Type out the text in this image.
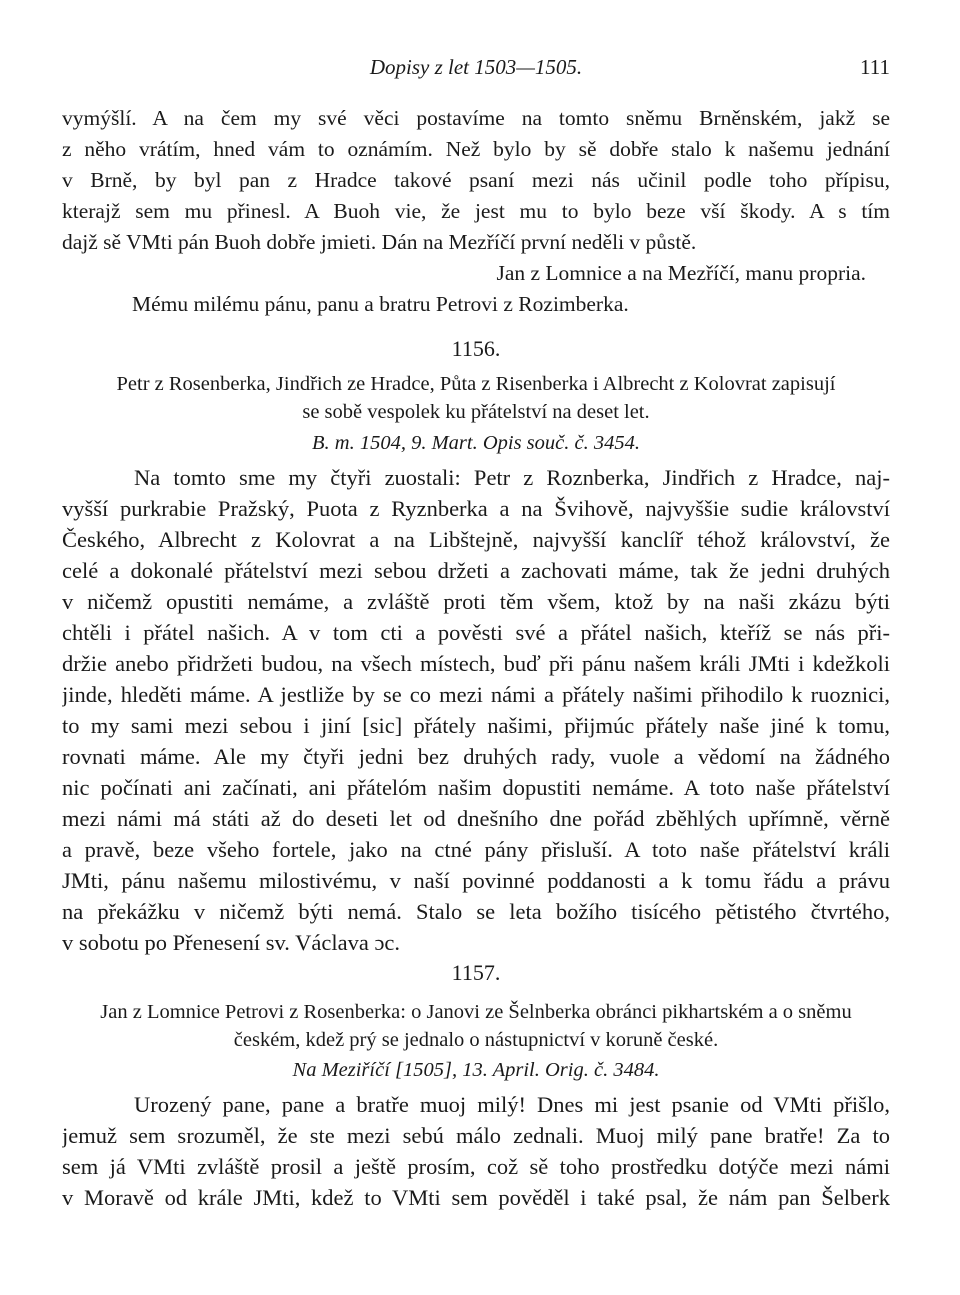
Dopisy z let 1503—1505.	111
vymýšlí. A na čem my své věci postavíme na tomto sněmu Brněnském, jakž se
z něho vrátím, hned vám to oznámím. Než bylo by sě dobře stalo k našemu jednání
v Brně, by byl pan z Hradce takové psaní mezi nás učinil podle toho přípisu,
kterajž sem mu přinesl. A Buoh vie, že jest mu to bylo beze vší škody. A s tím
dajž sě VMti pán Buoh dobře jmieti. Dán na Mezříčí první neděli v půstě.
Jan z Lomnice a na Mezříčí, manu propria.
Mému milému pánu, panu a bratru Petrovi z Rozimberka.
1156.
Petr z Rosenberka, Jindřich ze Hradce, Půta z Risenberka i Albrecht z Kolovrat zapisují
se sobě vespolek ku přátelství na deset let.
B. m. 1504, 9. Mart. Opis souč. č. 3454.
Na tomto sme my čtyři zuostali: Petr z Roznberka, Jindřich z Hradce, naj-
vyšší purkrabie Pražský, Puota z Ryznberka a na Švihově, najvyššie sudie království
Českého, Albrecht z Kolovrat a na Libštejně, najvyšší kanclíř téhož království, že
celé a dokonalé přátelství mezi sebou držeti a zachovati máme, tak že jedni druhých
v ničemž opustiti nemáme, a zvláště proti těm všem, ktož by na naši zkázu býti
chtěli i přátel našich. A v tom cti a pověsti své a přátel našich, kteříž se nás při-
držie anebo přidržeti budou, na všech místech, buď při pánu našem králi JMti i kdežkoli
jinde, hleděti máme. A jestliže by se co mezi námi a přátely našimi přihodilo k ruoznici,
to my sami mezi sebou i jiní [sic] přátely našimi, přijmúc přátely naše jiné k tomu,
rovnati máme. Ale my čtyři jedni bez druhých rady, vuole a vědomí na žádného
nic počínati ani začínati, ani přátelóm našim dopustiti nemáme. A toto naše přátelství
mezi námi má státi až do deseti let od dnešního dne pořád zběhlých upřímně, věrně
a pravě, beze všeho fortele, jako na ctné pány přisluší. A toto naše přátelství králi
JMti, pánu našemu milostivému, v naší povinné poddanosti a k tomu řádu a právu
na překážku v ničemž býti nemá. Stalo se leta božího tisícého pětistého čtvrtého,
v sobotu po Přenesení sv. Václava ɔc.
1157.
Jan z Lomnice Petrovi z Rosenberka: o Janovi ze Šelnberka obránci pikhartském a o sněmu
českém, kdež prý se jednalo o nástupnictví v koruně české.
Na Meziříčí [1505], 13. April. Orig. č. 3484.
Urozený pane, pane a bratře muoj milý! Dnes mi jest psanie od VMti přišlo,
jemuž sem srozuměl, že ste mezi sebú málo zednali. Muoj milý pane bratře! Za to
sem já VMti zvláště prosil a ještě prosím, což sě toho prostředku dotýče mezi námi
v Moravě od krále JMti, kdež to VMti sem pověděl i také psal, že nám pan Šelberk
